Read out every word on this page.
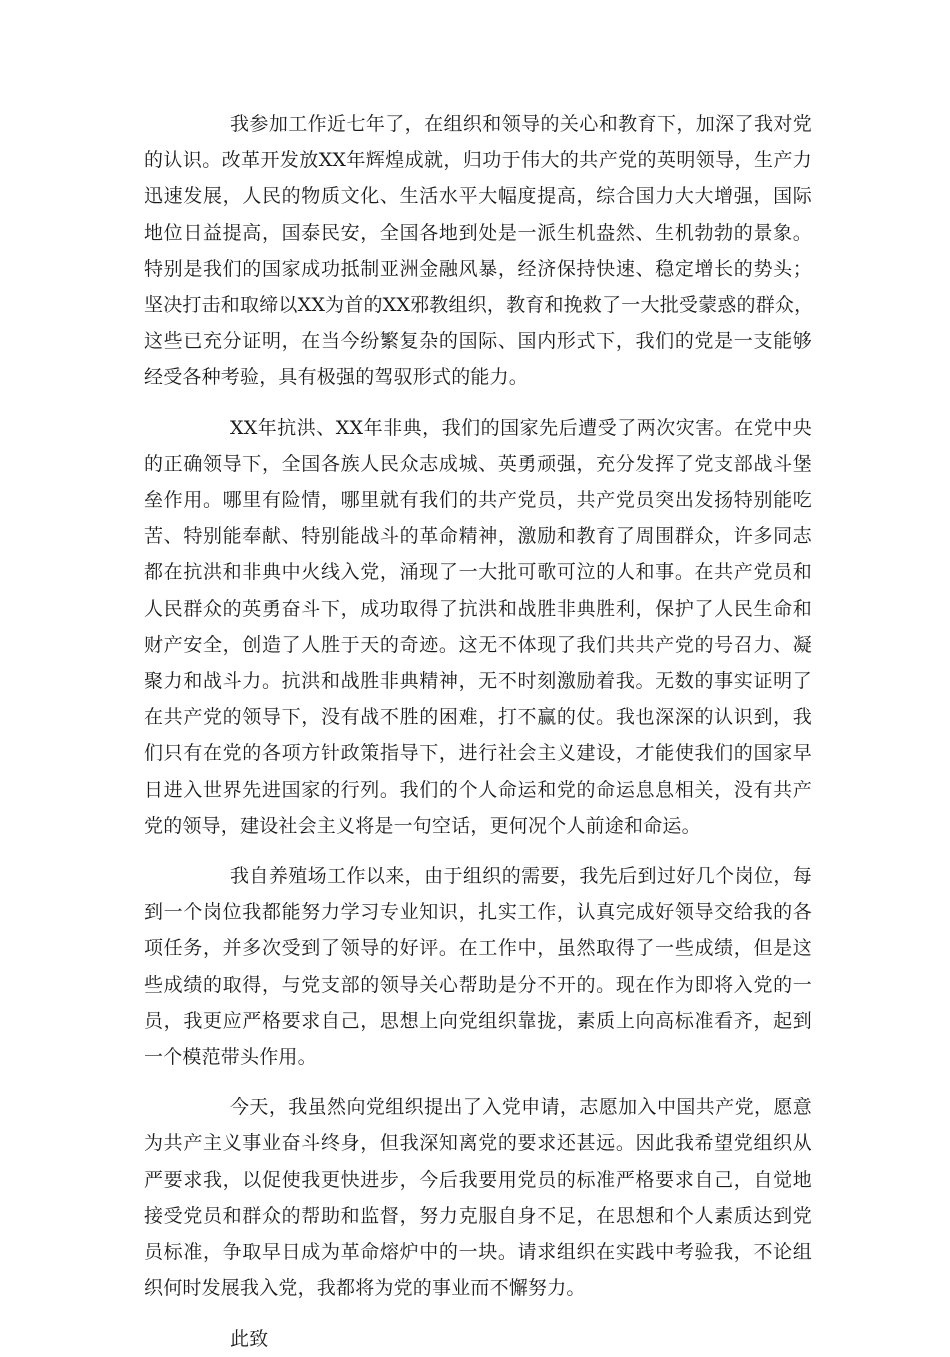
我参加工作近七年了，在组织和领导的关心和教育下，加深了我对党
的认识。改革开发放XX年辉煌成就，归功于伟大的共产党的英明领导，生产力
迅速发展，人民的物质文化、生活水平大幅度提高，综合国力大大增强，国际
地位日益提高，国泰民安，全国各地到处是一派生机盎然、生机勃勃的景象。
特别是我们的国家成功抵制亚洲金融风暴，经济保持快速、稳定增长的势头；
坚决打击和取缔以XX为首的XX邪教组织，教育和挽救了一大批受蒙惑的群众，
这些已充分证明，在当今纷繁复杂的国际、国内形式下，我们的党是一支能够
经受各种考验，具有极强的驾驭形式的能力。
XX年抗洪、XX年非典，我们的国家先后遭受了两次灾害。在党中央
的正确领导下，全国各族人民众志成城、英勇顽强，充分发挥了党支部战斗堡
垒作用。哪里有险情，哪里就有我们的共产党员，共产党员突出发扬特别能吃
苦、特别能奉献、特别能战斗的革命精神，激励和教育了周围群众，许多同志
都在抗洪和非典中火线入党，涌现了一大批可歌可泣的人和事。在共产党员和
人民群众的英勇奋斗下，成功取得了抗洪和战胜非典胜利，保护了人民生命和
财产安全，创造了人胜于天的奇迹。这无不体现了我们共共产党的号召力、凝
聚力和战斗力。抗洪和战胜非典精神，无不时刻激励着我。无数的事实证明了
在共产党的领导下，没有战不胜的困难，打不赢的仗。我也深深的认识到，我
们只有在党的各项方针政策指导下，进行社会主义建设，才能使我们的国家早
日进入世界先进国家的行列。我们的个人命运和党的命运息息相关，没有共产
党的领导，建设社会主义将是一句空话，更何况个人前途和命运。
我自养殖场工作以来，由于组织的需要，我先后到过好几个岗位，每
到一个岗位我都能努力学习专业知识，扎实工作，认真完成好领导交给我的各
项任务，并多次受到了领导的好评。在工作中，虽然取得了一些成绩，但是这
些成绩的取得，与党支部的领导关心帮助是分不开的。现在作为即将入党的一
员，我更应严格要求自己，思想上向党组织靠拢，素质上向高标准看齐，起到
一个模范带头作用。
今天，我虽然向党组织提出了入党申请，志愿加入中国共产党，愿意
为共产主义事业奋斗终身，但我深知离党的要求还甚远。因此我希望党组织从
严要求我，以促使我更快进步，今后我要用党员的标准严格要求自己，自觉地
接受党员和群众的帮助和监督，努力克服自身不足，在思想和个人素质达到党
员标准，争取早日成为革命熔炉中的一块。请求组织在实践中考验我，不论组
织何时发展我入党，我都将为党的事业而不懈努力。

此致
